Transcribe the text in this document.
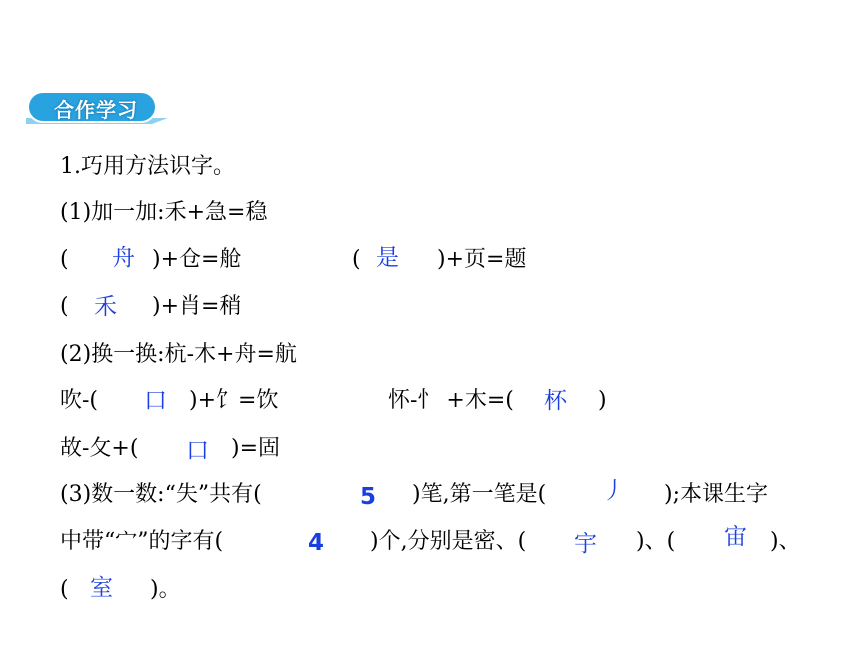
合作学习
1.巧用方法识字。
(1)加一加:禾+急=稳
( 舟 )+仓=舱	( 是 )+页=题
( 禾 )+肖=稍
(2)换一换:杭-木+舟=航
吹-( 口 )+饣=饮	怀-忄 +木=( 杯 )
故-攵+( 口 )=固
(3)数一数:“失”共有(	5 )笔,第一笔是( 丿 );本课生字
中带“宀”的字有(	4 )个,分别是密、( 宇 )、( 宙 )、
( 室 )。
